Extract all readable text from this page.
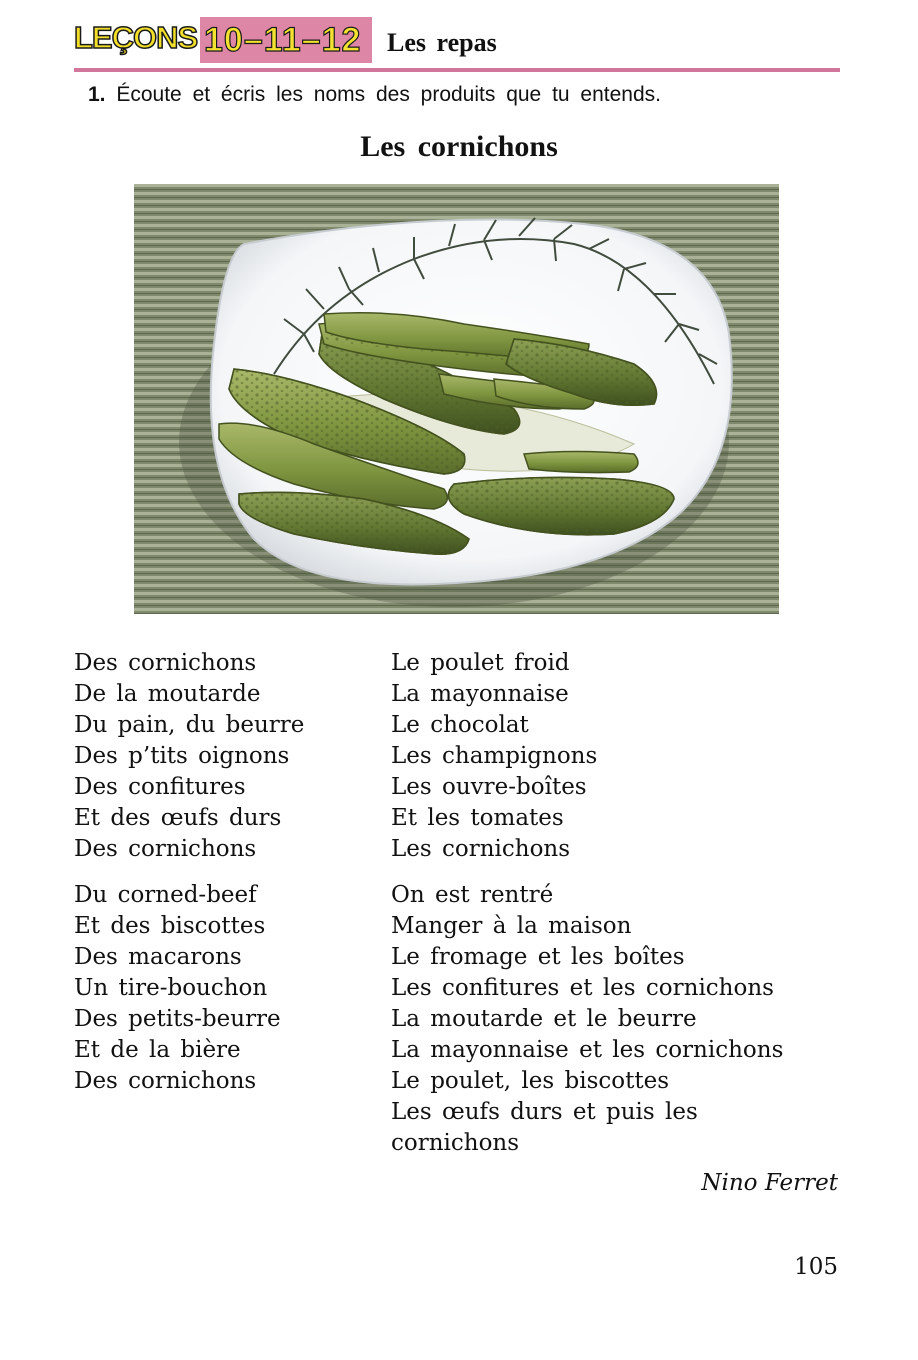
LEÇONS 10–11–12 Les repas
1. Écoute et écris les noms des produits que tu entends.
Les cornichons
Des cornichons
De la moutarde
Du pain, du beurre
Des p’tits oignons
Des confitures
Et des œufs durs
Des cornichons
Le poulet froid
La mayonnaise
Le chocolat
Les champignons
Les ouvre-boîtes
Et les tomates
Les cornichons
Du corned-beef
Et des biscottes
Des macarons
Un tire-bouchon
Des petits-beurre
Et de la bière
Des cornichons
On est rentré
Manger à la maison
Le fromage et les boîtes
Les confitures et les cornichons
La moutarde et le beurre
La mayonnaise et les cornichons
Le poulet, les biscottes
Les œufs durs et puis les
cornichons
Nino Ferret
105
